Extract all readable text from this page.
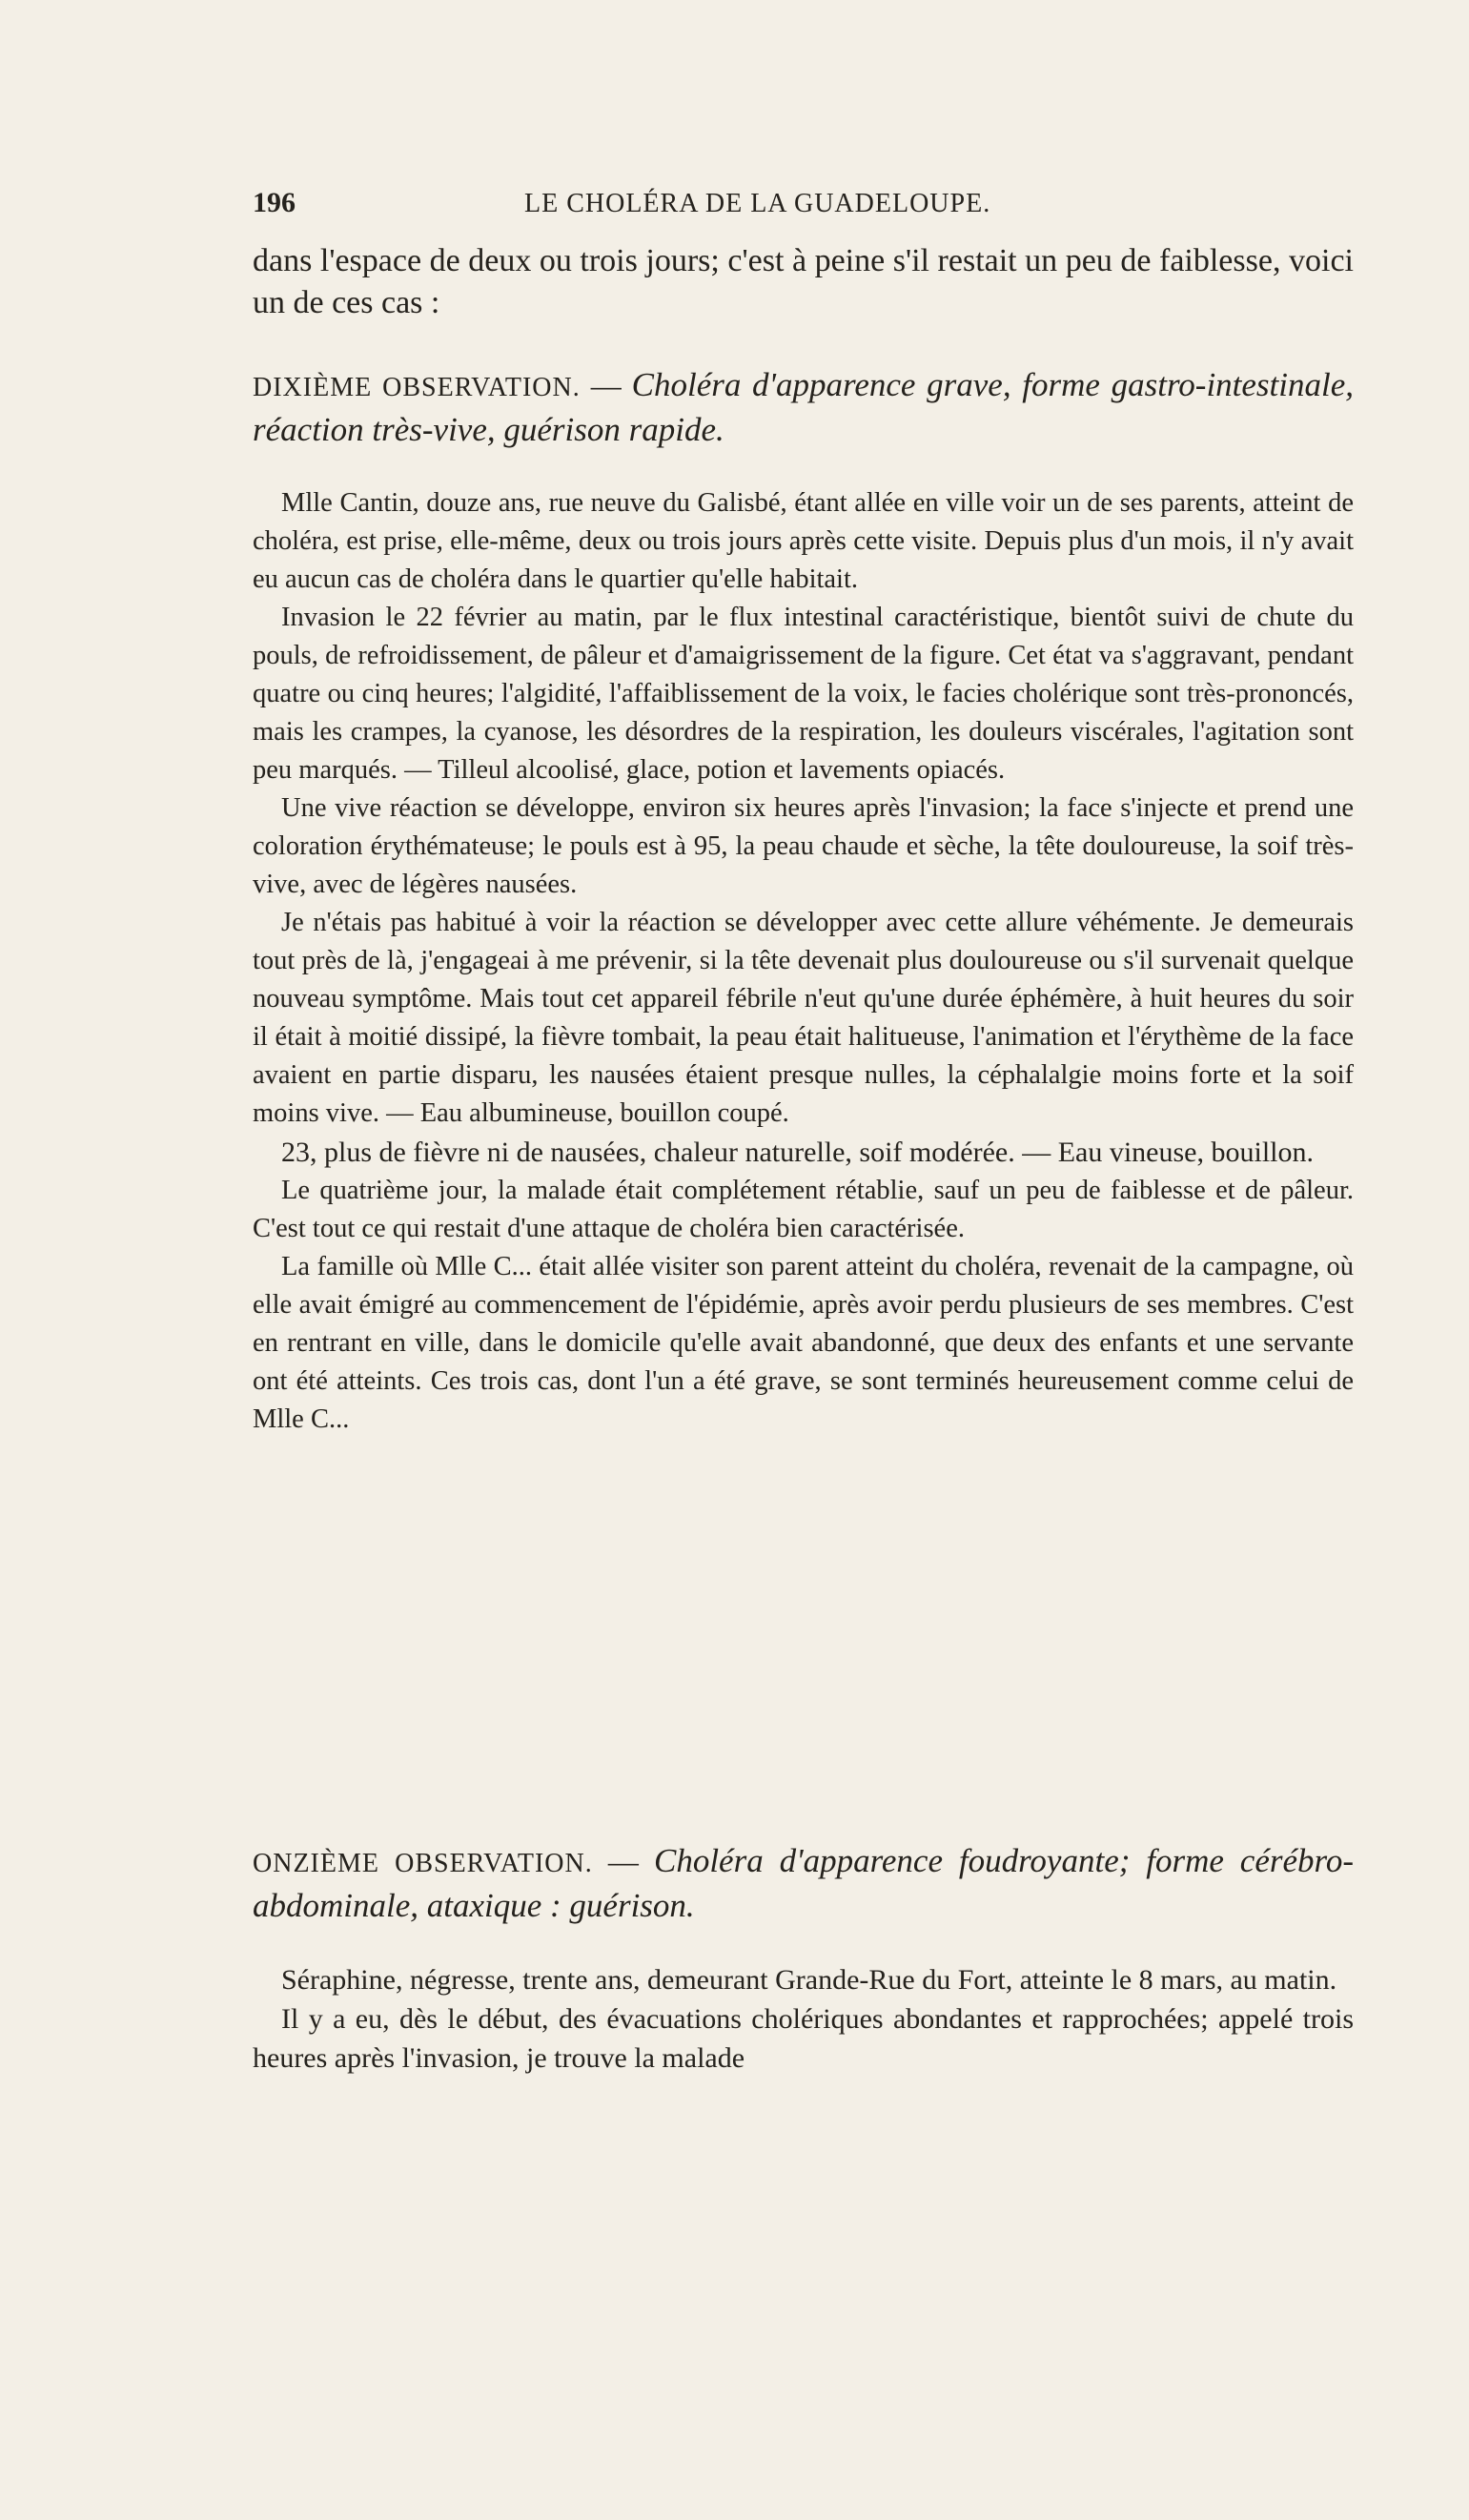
196	LE CHOLÉRA DE LA GUADELOUPE.

dans l'espace de deux ou trois jours; c'est à peine s'il restait un peu de faiblesse, voici un de ces cas :

DIXIÈME OBSERVATION. — Choléra d'apparence grave, forme gastro-intestinale, réaction très-vive, guérison rapide.

Mlle Cantin, douze ans, rue neuve du Galisbé, étant allée en ville voir un de ses parents, atteint de choléra, est prise, elle-même, deux ou trois jours après cette visite. Depuis plus d'un mois, il n'y avait eu aucun cas de choléra dans le quartier qu'elle habitait.

Invasion le 22 février au matin, par le flux intestinal caractéristique, bientôt suivi de chute du pouls, de refroidissement, de pâleur et d'amaigrissement de la figure. Cet état va s'aggravant, pendant quatre ou cinq heures; l'algidité, l'affaiblissement de la voix, le facies cholérique sont très-prononcés, mais les crampes, la cyanose, les désordres de la respiration, les douleurs viscérales, l'agitation sont peu marqués. — Tilleul alcoolisé, glace, potion et lavements opiacés.

Une vive réaction se développe, environ six heures après l'invasion; la face s'injecte et prend une coloration érythémateuse; le pouls est à 95, la peau chaude et sèche, la tête douloureuse, la soif très-vive, avec de légères nausées.

Je n'étais pas habitué à voir la réaction se développer avec cette allure véhémente. Je demeurais tout près de là, j'engageai à me prévenir, si la tête devenait plus douloureuse ou s'il survenait quelque nouveau symptôme. Mais tout cet appareil fébrile n'eut qu'une durée éphémère, à huit heures du soir il était à moitié dissipé, la fièvre tombait, la peau était halitueuse, l'animation et l'érythème de la face avaient en partie disparu, les nausées étaient presque nulles, la céphalalgie moins forte et la soif moins vive. — Eau albumineuse, bouillon coupé.

23, plus de fièvre ni de nausées, chaleur naturelle, soif modérée. — Eau vineuse, bouillon.

Le quatrième jour, la malade était complétement rétablie, sauf un peu de faiblesse et de pâleur. C'est tout ce qui restait d'une attaque de choléra bien caractérisée.

La famille où Mlle C... était allée visiter son parent atteint du choléra, revenait de la campagne, où elle avait émigré au commencement de l'épidémie, après avoir perdu plusieurs de ses membres. C'est en rentrant en ville, dans le domicile qu'elle avait abandonné, que deux des enfants et une servante ont été atteints. Ces trois cas, dont l'un a été grave, se sont terminés heureusement comme celui de Mlle C...

ONZIÈME OBSERVATION. — Choléra d'apparence foudroyante; forme cérébro-abdominale, ataxique : guérison.

Séraphine, négresse, trente ans, demeurant Grande-Rue du Fort, atteinte le 8 mars, au matin.

Il y a eu, dès le début, des évacuations cholériques abondantes et rapprochées; appelé trois heures après l'invasion, je trouve la malade
